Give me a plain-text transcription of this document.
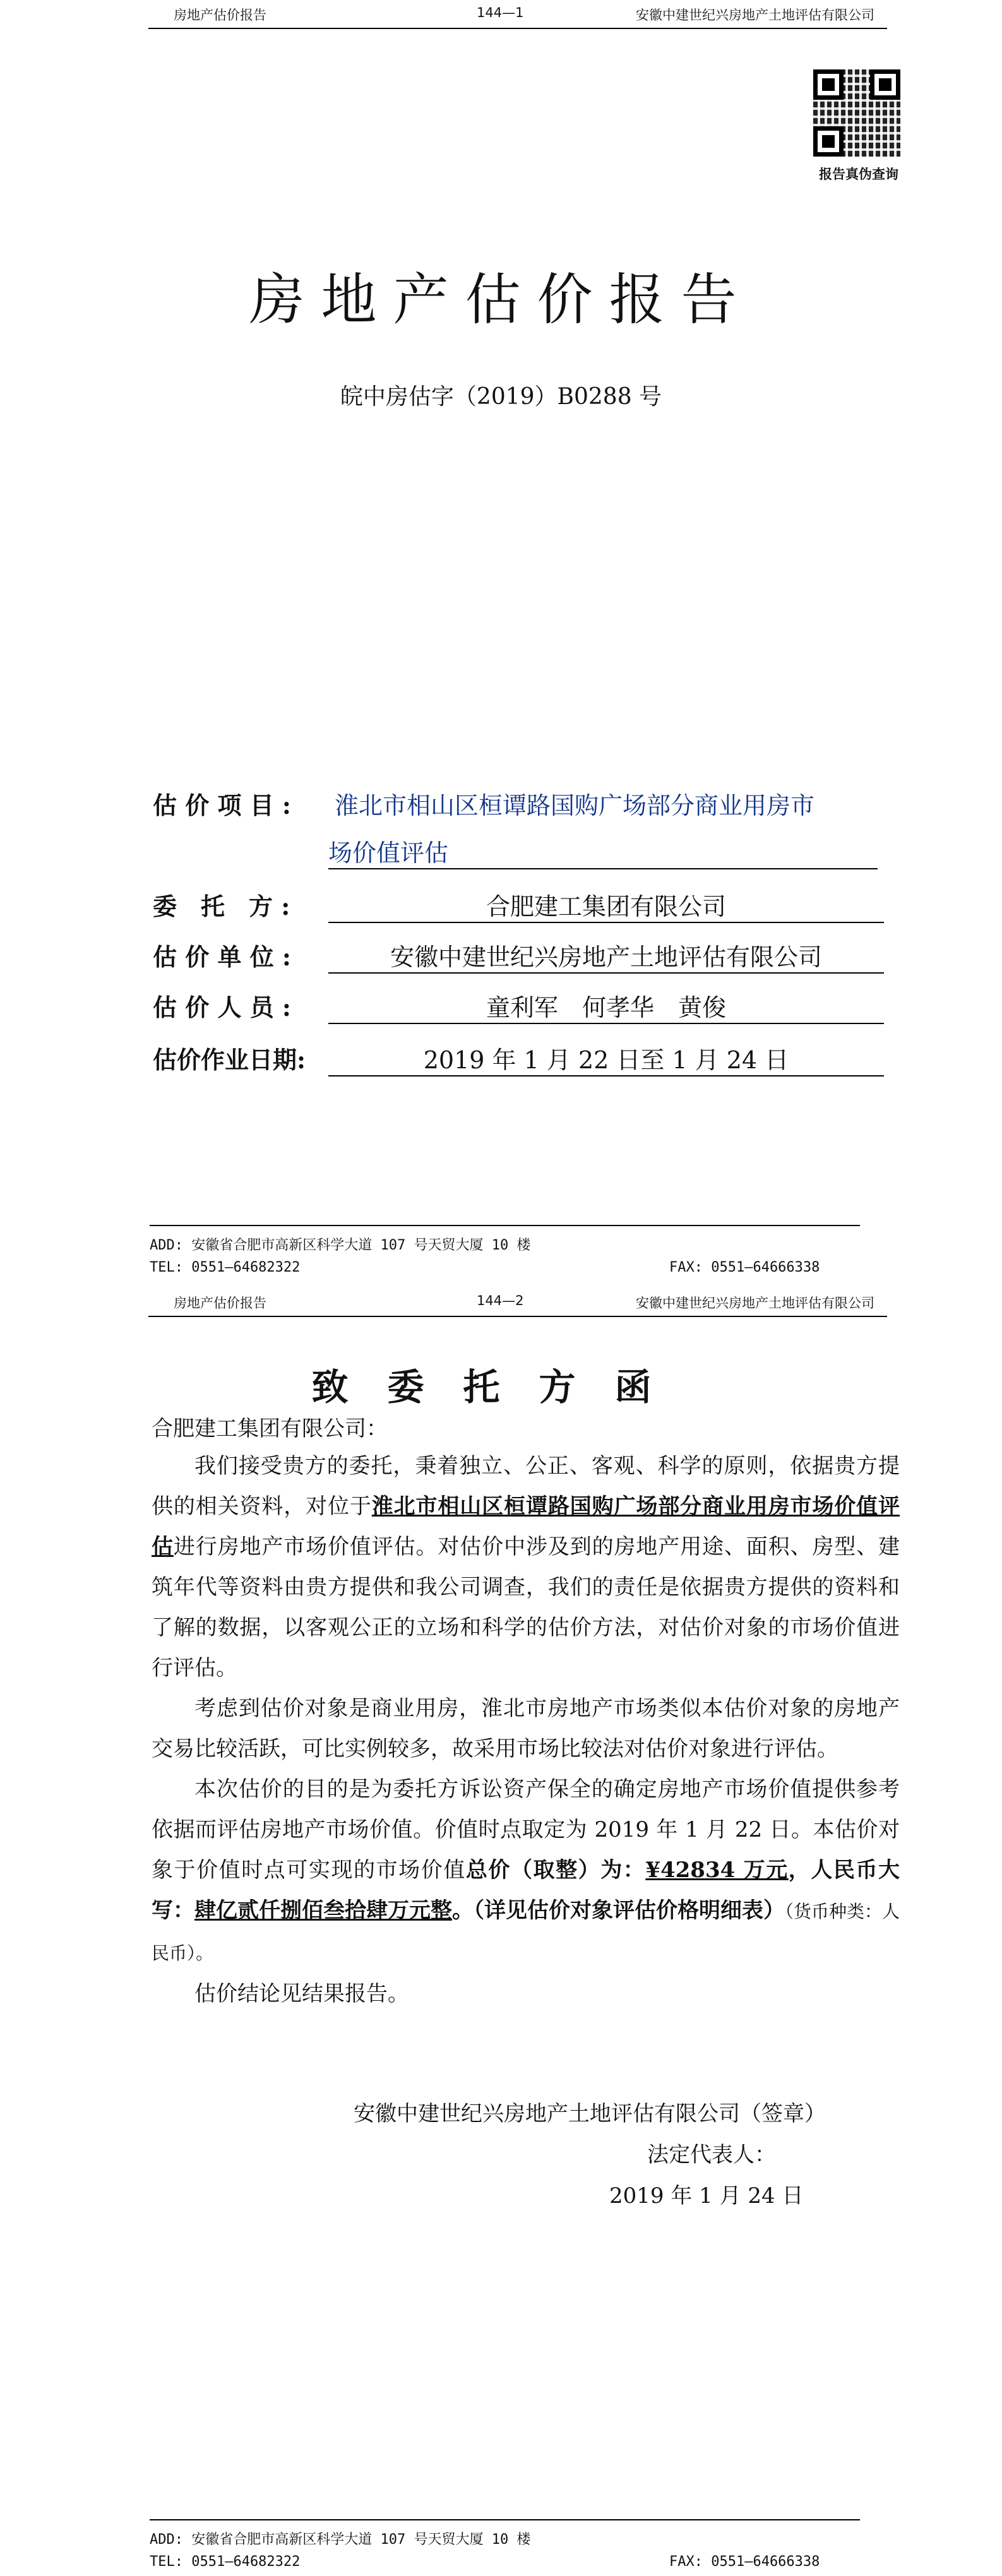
房地产估价报告	144—1	安徽中建世纪兴房地产土地评估有限公司
报告真伪查询
房地产估价报告
皖中房估字（2019）B0288 号
估 价 项 目 : 淮北市相山区桓谭路国购广场部分商业用房市
场价值评估
委　托　方 :	合肥建工集团有限公司
估 价 单 位 :	安徽中建世纪兴房地产土地评估有限公司
估 价 人 员 :	童利军　何孝华　黄俊
估价作业日期:	2019 年 1 月 22 日至 1 月 24 日
ADD: 安徽省合肥市高新区科学大道 107 号天贸大厦 10 楼
TEL: 0551—64682322	FAX: 0551—64666338
房地产估价报告	144—2	安徽中建世纪兴房地产土地评估有限公司
致委托方函
合肥建工集团有限公司：

我们接受贵方的委托，秉着独立、公正、客观、科学的原则，依据贵方提供的相关资料，对位于淮北市相山区桓谭路国购广场部分商业用房市场价值评估进行房地产市场价值评估。对估价中涉及到的房地产用途、面积、房型、建筑年代等资料由贵方提供和我公司调查，我们的责任是依据贵方提供的资料和了解的数据，以客观公正的立场和科学的估价方法，对估价对象的市场价值进行评估。

考虑到估价对象是商业用房，淮北市房地产市场类似本估价对象的房地产交易比较活跃，可比实例较多，故采用市场比较法对估价对象进行评估。

本次估价的目的是为委托方诉讼资产保全的确定房地产市场价值提供参考依据而评估房地产市场价值。价值时点取定为 2019 年 1 月 22 日。本估价对象于价值时点可实现的市场价值总价（取整）为：¥42834 万元，人民币大写：肆亿贰仟捌佰叁拾肆万元整。（详见估价对象评估价格明细表）（货币种类：人民币）。

估价结论见结果报告。

安徽中建世纪兴房地产土地评估有限公司（签章）
法定代表人：
2019 年 1 月 24 日
ADD: 安徽省合肥市高新区科学大道 107 号天贸大厦 10 楼
TEL: 0551—64682322	FAX: 0551—64666338
